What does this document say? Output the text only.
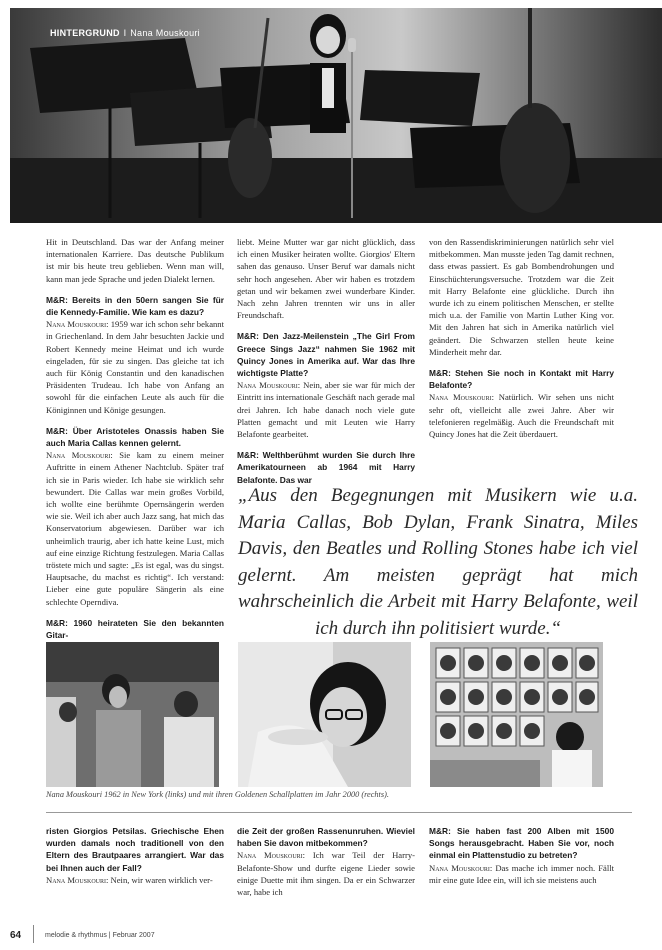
HINTERGRUND I Nana Mouskouri

Hit in Deutschland. Das war der Anfang meiner internationalen Karriere. Das deutsche Publikum ist mir bis heute treu geblieben. Wenn man will, kann man jede Sprache und jeden Dialekt lernen.

M&R: Bereits in den 50ern sangen Sie für die Kennedy-Familie. Wie kam es dazu?

Nana Mouskouri: 1959 war ich schon sehr bekannt in Griechenland. In dem Jahr besuchten Jackie und Robert Kennedy meine Heimat und ich wurde eingeladen, für sie zu singen. Das gleiche tat ich auch für König Constantin und den kanadischen Präsidenten Trudeau. Ich habe von Anfang an sowohl für die einfachen Leute als auch für die Königinnen und Könige gesungen.

M&R: Über Aristoteles Onassis haben Sie auch Maria Callas kennen gelernt.

Nana Mouskouri: Sie kam zu einem meiner Auftritte in einem Athener Nachtclub. Später traf ich sie in Paris wieder. Ich habe sie wirklich sehr bewundert. Die Callas war mein großes Vorbild, ich wollte eine berühmte Opernsängerin werden wie sie. Weil ich aber auch Jazz sang, hat mich das Konservatorium abgewiesen. Darüber war ich unheimlich traurig, aber ich hatte keine Lust, mich auf eine einzige Richtung festzulegen. Maria Callas tröstete mich und sagte: „Es ist egal, was du singst. Hauptsache, du machst es richtig“. Ich verstand: Lieber eine gute populäre Sängerin als eine schlechte Operndiva.

M&R: 1960 heirateten Sie den bekannten Gitar-

liebt. Meine Mutter war gar nicht glücklich, dass ich einen Musiker heiraten wollte. Giorgios' Eltern sahen das genauso. Unser Beruf war damals nicht sehr hoch angesehen. Aber wir haben es trotzdem getan und wir bekamen zwei wunderbare Kinder. Nach zehn Jahren trennten wir uns in aller Freundschaft.

M&R: Den Jazz-Meilenstein „The Girl From Greece Sings Jazz“ nahmen Sie 1962 mit Quincy Jones in Amerika auf. War das Ihre wichtigste Platte?

Nana Mouskouri: Nein, aber sie war für mich der Eintritt ins internationale Geschäft nach gerade mal drei Jahren. Ich habe danach noch viele gute Platten gemacht und mit Leuten wie Harry Belafonte gearbeitet.

M&R: Welthberühmt wurden Sie durch Ihre Amerikatourneen ab 1964 mit Harry Belafonte. Das war

von den Rassendiskriminierungen natürlich sehr viel mitbekommen. Man musste jeden Tag damit rechnen, dass etwas passiert. Es gab Bombendrohungen und Einschüchterungsversuche. Trotzdem war die Zeit mit Harry Belafonte eine glückliche. Durch ihn wurde ich zu einem politischen Menschen, er stellte mich u.a. der Familie von Martin Luther King vor. Mit den Jahren hat sich in Amerika natürlich viel geändert. Die Schwarzen stellen heute keine Minderheit mehr dar.

M&R: Stehen Sie noch in Kontakt mit Harry Belafonte?

Nana Mouskouri: Natürlich. Wir sehen uns nicht sehr oft, vielleicht alle zwei Jahre. Aber wir telefonieren regelmäßig. Auch die Freundschaft mit Quincy Jones hat die Zeit überdauert.

„Aus den Begegnungen mit Musikern wie u.a. Maria Callas, Bob Dylan, Frank Sinatra, Miles Davis, den Beatles und Rolling Stones habe ich viel gelernt. Am meisten geprägt hat mich wahrscheinlich die Arbeit mit Harry Belafonte, weil ich durch ihn politisiert wurde.“
Nana Mouskouri 1962 in New York (links) und mit ihren Goldenen Schallplatten im Jahr 2000 (rechts).

risten Giorgios Petsilas. Griechische Ehen wurden damals noch traditionell von den Eltern des Brautpaares arrangiert. War das bei Ihnen auch der Fall?

Nana Mouskouri: Nein, wir waren wirklich ver-

die Zeit der großen Rassenunruhen. Wieviel haben Sie davon mitbekommen?

Nana Mouskouri: Ich war Teil der Harry-Belafonte-Show und durfte eigene Lieder sowie einige Duette mit ihm singen. Da er ein Schwarzer war, habe ich

M&R: Sie haben fast 200 Alben mit 1500 Songs herausgebracht. Haben Sie vor, noch einmal ein Plattenstudio zu betreten?

Nana Mouskouri: Das mache ich immer noch. Fällt mir eine gute Idee ein, will ich sie meistens auch

64	melodie & rhythmus | Februar 2007
